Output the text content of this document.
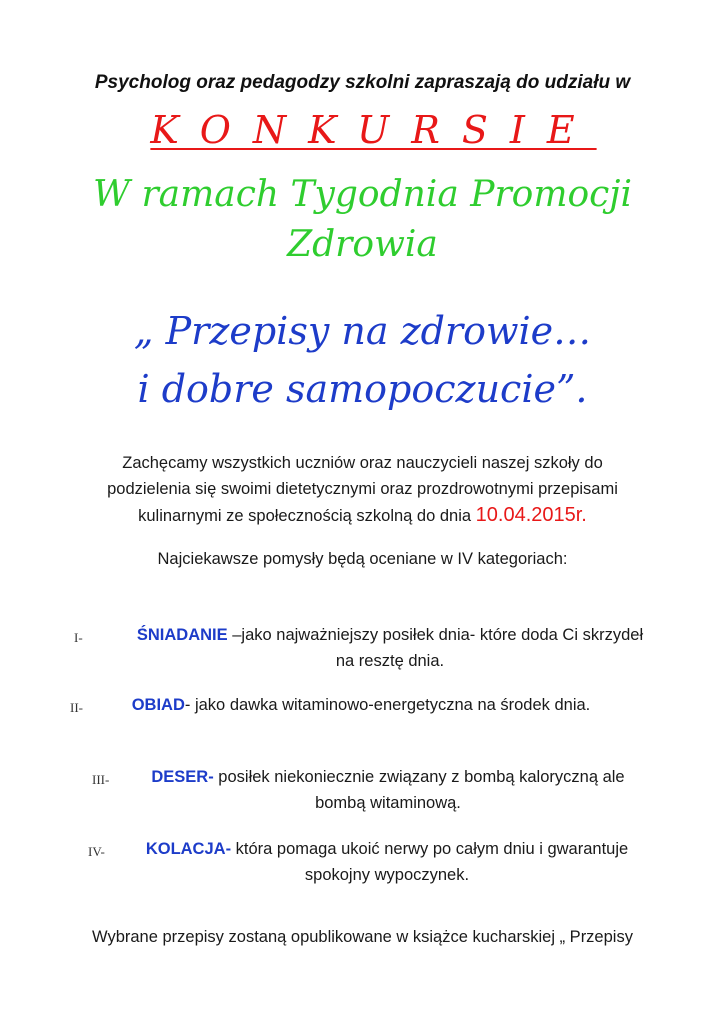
Psycholog oraz pedagodzy szkolni zapraszają do udziału w
KONKURSIE
W ramach Tygodnia Promocji
Zdrowia
„ Przepisy na zdrowie…
i dobre samopoczucie”.
Zachęcamy wszystkich uczniów oraz nauczycieli naszej szkoły do
podzielenia się swoimi dietetycznymi oraz prozdrowotnymi przepisami
kulinarnymi ze społecznością szkolną do dnia 10.04.2015r.
Najciekawsze pomysły będą oceniane w IV kategoriach:
I-	ŚNIADANIE –jako najważniejszy posiłek dnia- które doda Ci skrzydeł
na resztę dnia.
II-	OBIAD- jako dawka witaminowo-energetyczna na środek dnia.
III-	DESER- posiłek niekoniecznie związany z bombą kaloryczną ale
bombą witaminową.
IV-	KOLACJA- która pomaga ukoić nerwy po całym dniu i gwarantuje
spokojny wypoczynek.
Wybrane przepisy zostaną opublikowane w książce kucharskiej „ Przepisy
